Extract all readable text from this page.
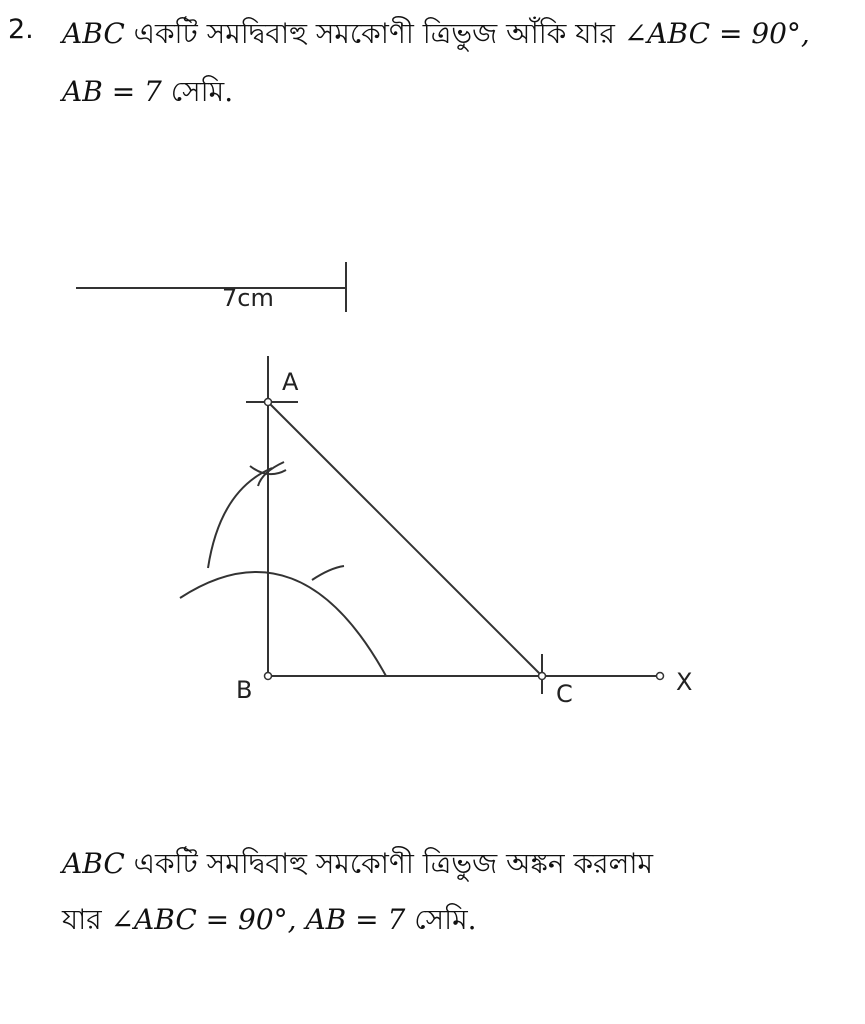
2. ABC একটি সমদ্বিবাহু সমকোণী ত্রিভুজ আঁকি যার ∠ABC = 90°,
AB = 7 সেমি.
7cm
A
B	C	X
ABC একটি সমদ্বিবাহু সমকোণী ত্রিভুজ অঙ্কন করলাম
যার ∠ABC = 90°, AB = 7 সেমি.
